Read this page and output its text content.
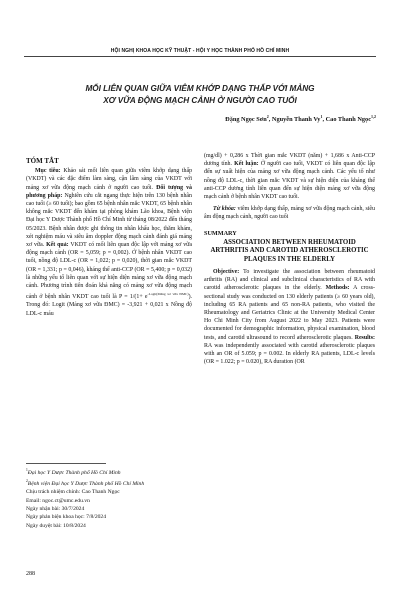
HỘI NGHỊ KHOA HỌC KỸ THUẬT - HỘI Y HỌC THÀNH PHỐ HỒ CHÍ MINH
MỐI LIÊN QUAN GIỮA VIÊM KHỚP DẠNG THẤP VỚI MẢNG
XƠ VỮA ĐỘNG MẠCH CẢNH Ở NGƯỜI CAO TUỔI
Đặng Ngọc Sơn$^2$, Nguyễn Thanh Vy$^1$, Cao Thanh Ngọc$^{1,2}$
TÓM TẮT

Mục tiêu: Khảo sát mối liên quan giữa viêm khớp dạng thấp (VKDT) và các đặc điểm làm sàng, cận lâm sàng của VKDT với mảng xơ vữa động mạch cảnh ở người cao tuổi. Đối tượng và phương pháp: Nghiên cứu cắt ngang thực hiện trên 130 bệnh nhân cao tuổi (≥ 60 tuổi); bao gồm 65 bệnh nhân mắc VKDT, 65 bệnh nhân không mắc VKDT đến khám tại phòng khám Lão khoa, Bệnh viện Đại học Y Dược Thành phố Hồ Chí Minh từ tháng 08/2022 đến tháng 05/2023. Bệnh nhân được ghi thông tin nhân khẩu học, thăm khám, xét nghiệm máu và siêu âm doppler động mạch cảnh đánh giá mảng xơ vữa. Kết quả: VKDT có mối liên quan độc lập với mảng xơ vữa động mạch cảnh (OR = 5,059; p = 0,002). Ở bệnh nhân VKDT cao tuổi, nồng độ LDL-c (OR = 1,022; p = 0,020), thời gian mắc VKDT (OR = 1,331; p = 0,046), kháng thể anti-CCP (OR = 5,400; p = 0,032) là những yếu tố liên quan với sự hiện diện mảng xơ vữa động mạch cảnh. Phương trình tiên đoán khả năng có mảng xơ vữa động mạch cảnh ở bệnh nhân VKDT cao tuổi là $P = 1/(1+ e^{-Logit(Mảng xơ vữa ĐMC)})$. Trong đó: Logit (Mảng xơ vữa ĐMC) = -3,921 + 0,021 x Nồng độ LDL-c máu

(mg/dl) + 0,286 x Thời gian mắc VKDT (năm) + 1,686 x Anti-CCP dương tính. Kết luận: Ở người cao tuổi, VKDT có liên quan độc lập đến sự xuất hiện của mảng xơ vữa động mạch cảnh. Các yếu tố như nồng độ LDL-c, thời gian mắc VKDT và sự hiện diện của kháng thể anti-CCP dương tính liên quan đến sự hiện diện mảng xơ vữa động mạch cảnh ở bệnh nhân VKDT cao tuổi.

Từ khóa: viêm khớp dạng thấp, mảng xơ vữa động mạch cảnh, siêu âm động mạch cảnh, người cao tuổi

SUMMARY
ASSOCIATION BETWEEN RHEUMATOID ARTHRITIS AND CAROTID ATHEROSCLEROTIC PLAQUES IN THE ELDERLY

Objective: To investigate the association between rheumatoid arthritis (RA) and clinical and subclinical characteristics of RA with carotid atherosclerotic plaques in the elderly. Methods: A cross-sectional study was conducted on 130 elderly patients (≥ 60 years old), including 65 RA patients and 65 non-RA patients, who visited the Rheumatology and Geriatrics Clinic at the University Medical Center Ho Chi Minh City from August 2022 to May 2023. Patients were documented for demographic information, physical examination, blood tests, and carotid ultrasound to record atherosclerotic plaques. Results: RA was independently associated with carotid atherosclerotic plaques with an OR of 5.059; p = 0.002. In elderly RA patients, LDL-c levels (OR = 1.022; p = 0.020), RA duration (OR

$^1$Đại học Y Dược Thành phố Hồ Chí Minh
$^2$Bệnh viện Đại học Y Dược Thành phố Hồ Chí Minh
Chịu trách nhiệm chính: Cao Thanh Ngọc
Email: ngoc.ct@umc.edu.vn
Ngày nhận bài: 30/7/2024
Ngày phản biện khoa học: 7/8/2024
Ngày duyệt bài: 10/8/2024
288
